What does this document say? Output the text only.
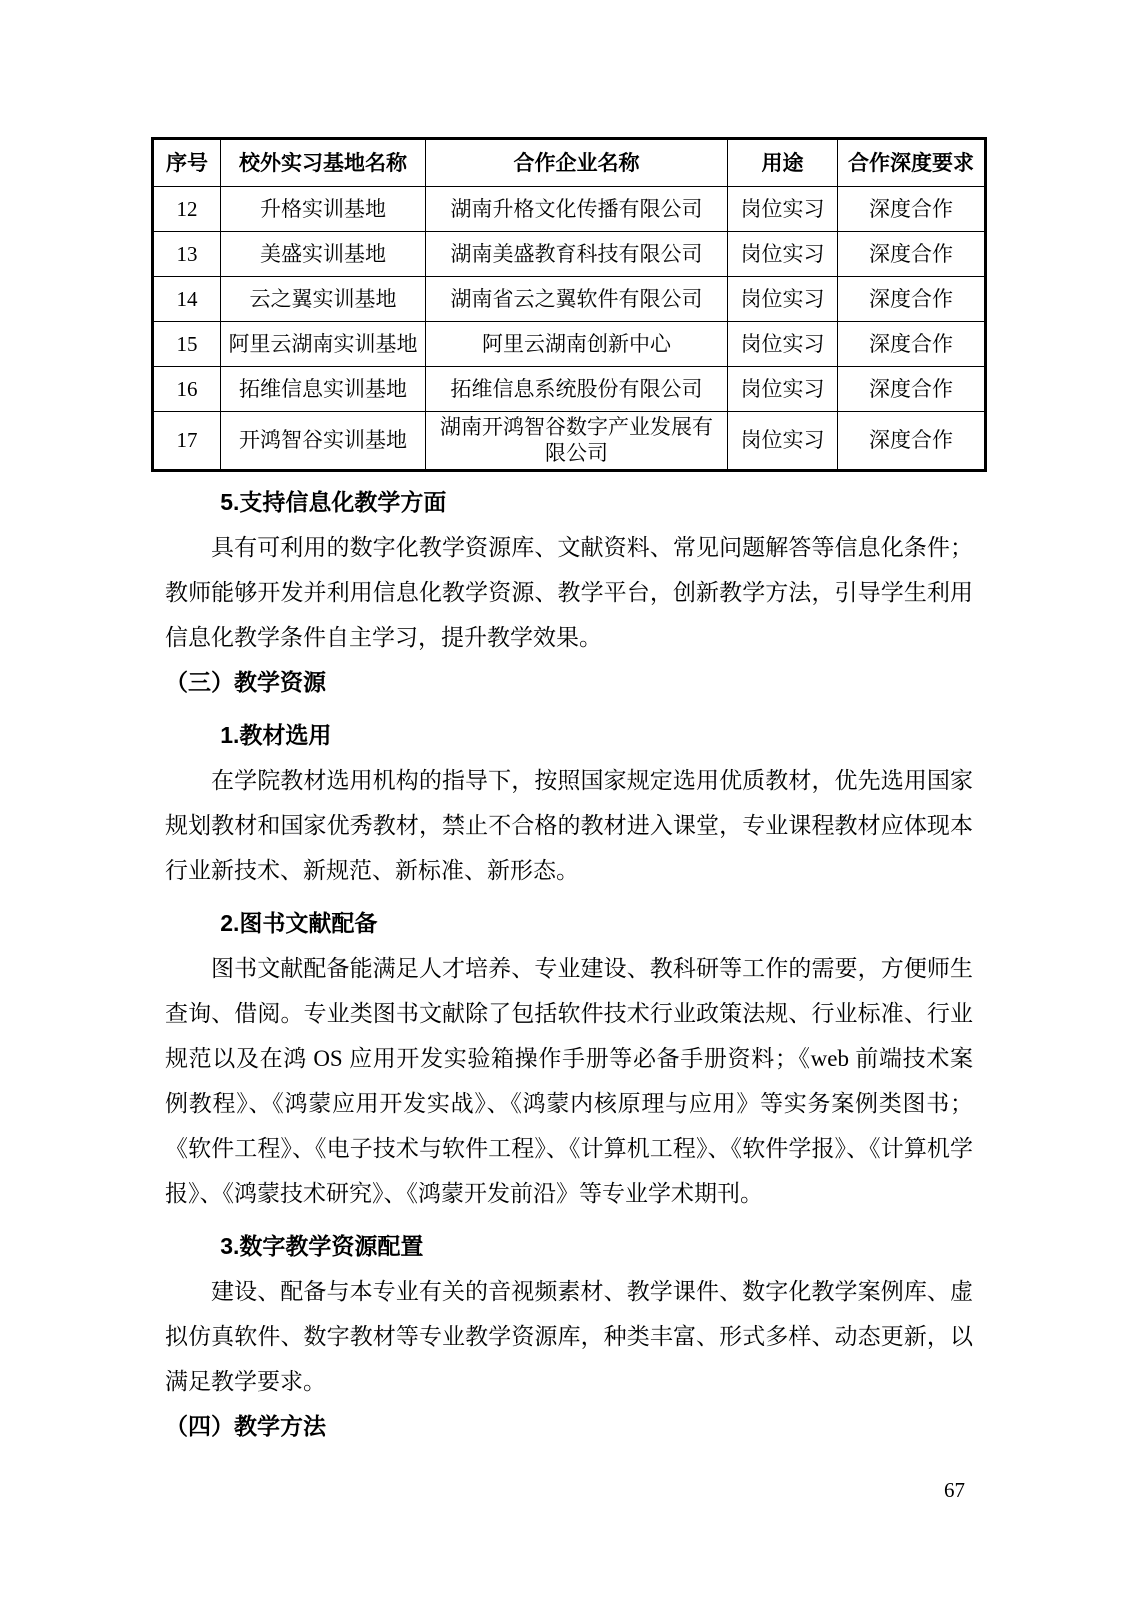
序号	校外实习基地名称	合作企业名称	用途	合作深度要求
12	升格实训基地	湖南升格文化传播有限公司	岗位实习	深度合作
13	美盛实训基地	湖南美盛教育科技有限公司	岗位实习	深度合作
14	云之翼实训基地	湖南省云之翼软件有限公司	岗位实习	深度合作
15	阿里云湖南实训基地	阿里云湖南创新中心	岗位实习	深度合作
16	拓维信息实训基地	拓维信息系统股份有限公司	岗位实习	深度合作
17	开鸿智谷实训基地	湖南开鸿智谷数字产业发展有限公司	岗位实习	深度合作
5.支持信息化教学方面
具有可利用的数字化教学资源库、文献资料、常见问题解答等信息化条件；教师能够开发并利用信息化教学资源、教学平台，创新教学方法，引导学生利用信息化教学条件自主学习，提升教学效果。
（三）教学资源
1.教材选用
在学院教材选用机构的指导下，按照国家规定选用优质教材，优先选用国家规划教材和国家优秀教材，禁止不合格的教材进入课堂，专业课程教材应体现本行业新技术、新规范、新标准、新形态。
2.图书文献配备
图书文献配备能满足人才培养、专业建设、教科研等工作的需要，方便师生查询、借阅。专业类图书文献除了包括软件技术行业政策法规、行业标准、行业规范以及在鸿 OS 应用开发实验箱操作手册等必备手册资料；《web 前端技术案例教程》、《鸿蒙应用开发实战》、《鸿蒙内核原理与应用》等实务案例类图书；《软件工程》、《电子技术与软件工程》、《计算机工程》、《软件学报》、《计算机学报》、《鸿蒙技术研究》、《鸿蒙开发前沿》等专业学术期刊。
3.数字教学资源配置
建设、配备与本专业有关的音视频素材、教学课件、数字化教学案例库、虚拟仿真软件、数字教材等专业教学资源库，种类丰富、形式多样、动态更新，以满足教学要求。
（四）教学方法
67
